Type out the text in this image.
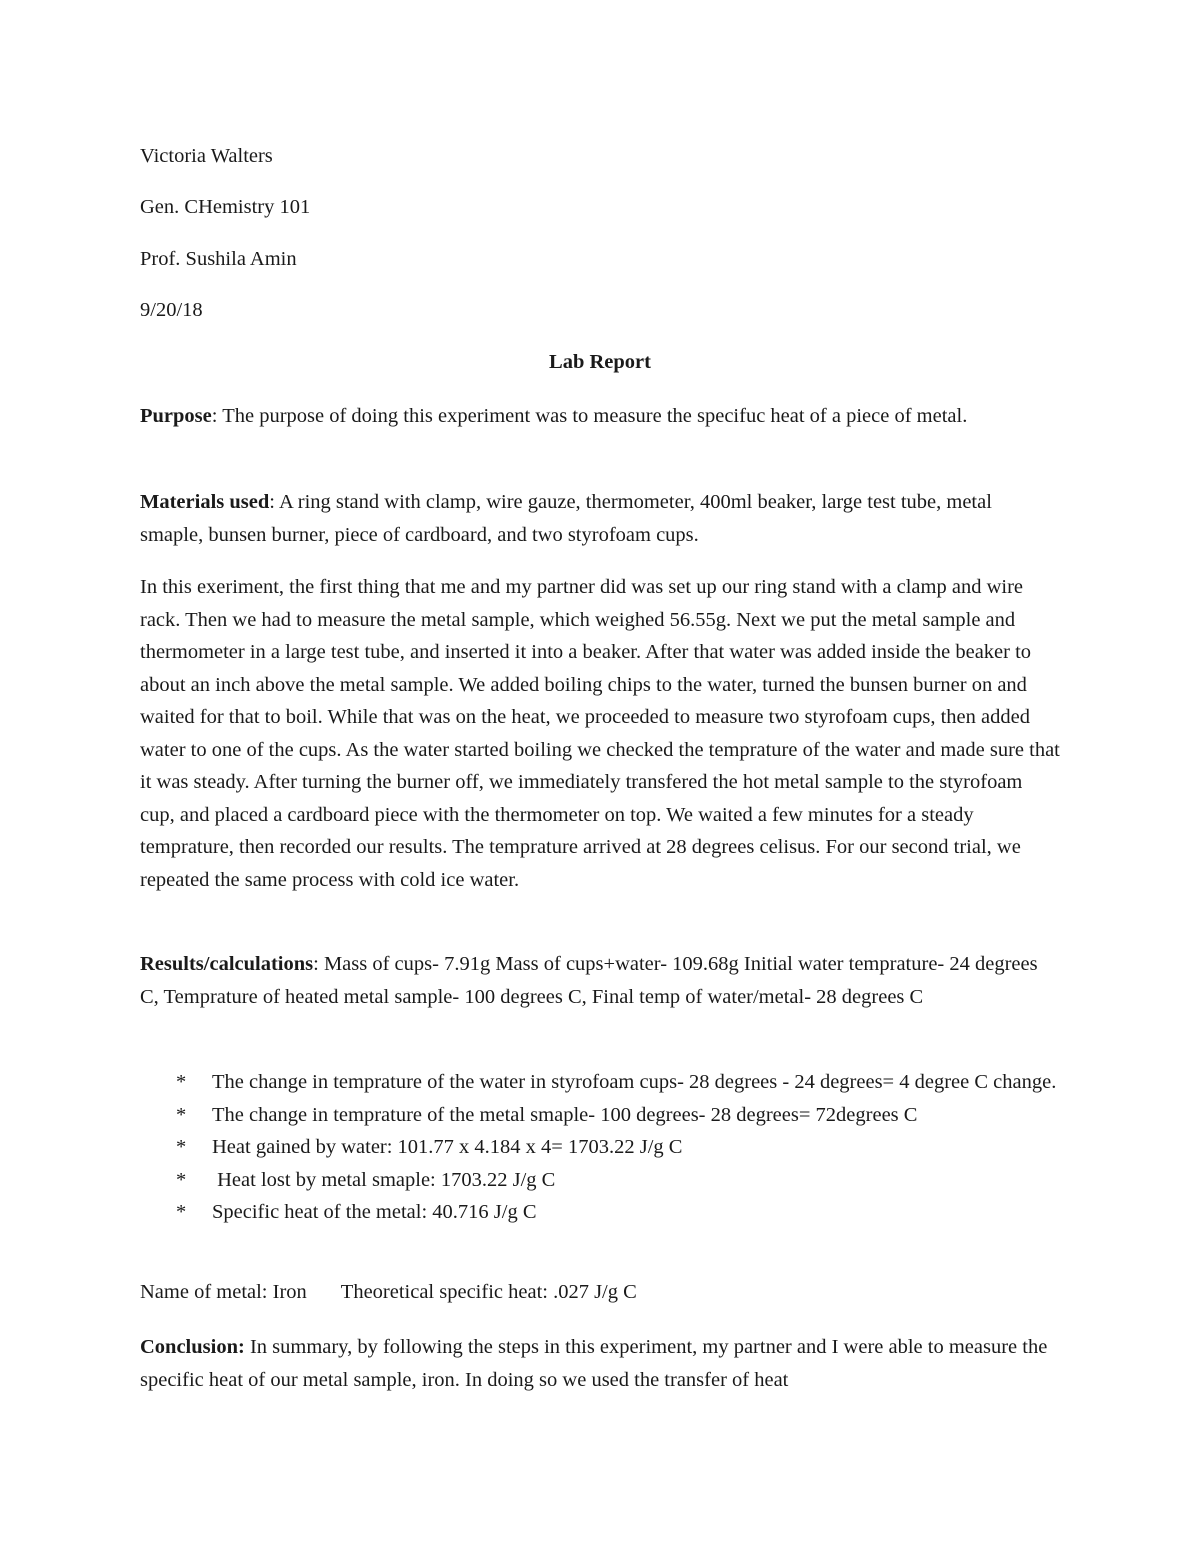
Victoria Walters
Gen. CHemistry 101
Prof. Sushila Amin
9/20/18
Lab Report
Purpose: The purpose of doing this experiment was to measure the specifuc heat of a piece of metal.
Materials used: A ring stand with clamp, wire gauze, thermometer, 400ml beaker, large test tube, metal smaple, bunsen burner, piece of cardboard, and two styrofoam cups.
In this exeriment, the first thing that me and my partner did was set up our ring stand with a clamp and wire rack. Then we had to measure the metal sample, which weighed 56.55g. Next we put the metal sample and thermometer in a large test tube, and inserted it into a beaker. After that water was added inside the beaker to about an inch above the metal sample. We added boiling chips to the water, turned the bunsen burner on and waited for that to boil. While that was on the heat, we proceeded to measure two styrofoam cups, then added water to one of the cups. As the water started boiling we checked the temprature of the water and made sure that it was steady. After turning the burner off, we immediately transfered the hot metal sample to the styrofoam cup, and placed a cardboard piece with the thermometer on top. We waited a few minutes for a steady temprature, then recorded our results. The temprature arrived at 28 degrees celisus. For our second trial, we repeated the same process with cold ice water.
Results/calculations: Mass of cups- 7.91g Mass of cups+water- 109.68g Initial water temprature- 24 degrees C, Temprature of heated metal sample- 100 degrees C, Final temp of water/metal- 28 degrees C
* The change in temprature of the water in styrofoam cups- 28 degrees - 24 degrees= 4 degree C change.
* The change in temprature of the metal smaple- 100 degrees- 28 degrees= 72degrees C
* Heat gained by water: 101.77 x 4.184 x 4= 1703.22 J/g C
* Heat lost by metal smaple: 1703.22 J/g C
* Specific heat of the metal: 40.716 J/g C
Name of metal: Iron Theoretical specific heat: .027 J/g C
Conclusion: In summary, by following the steps in this experiment, my partner and I were able to measure the specific heat of our metal sample, iron. In doing so we used the transfer of heat
